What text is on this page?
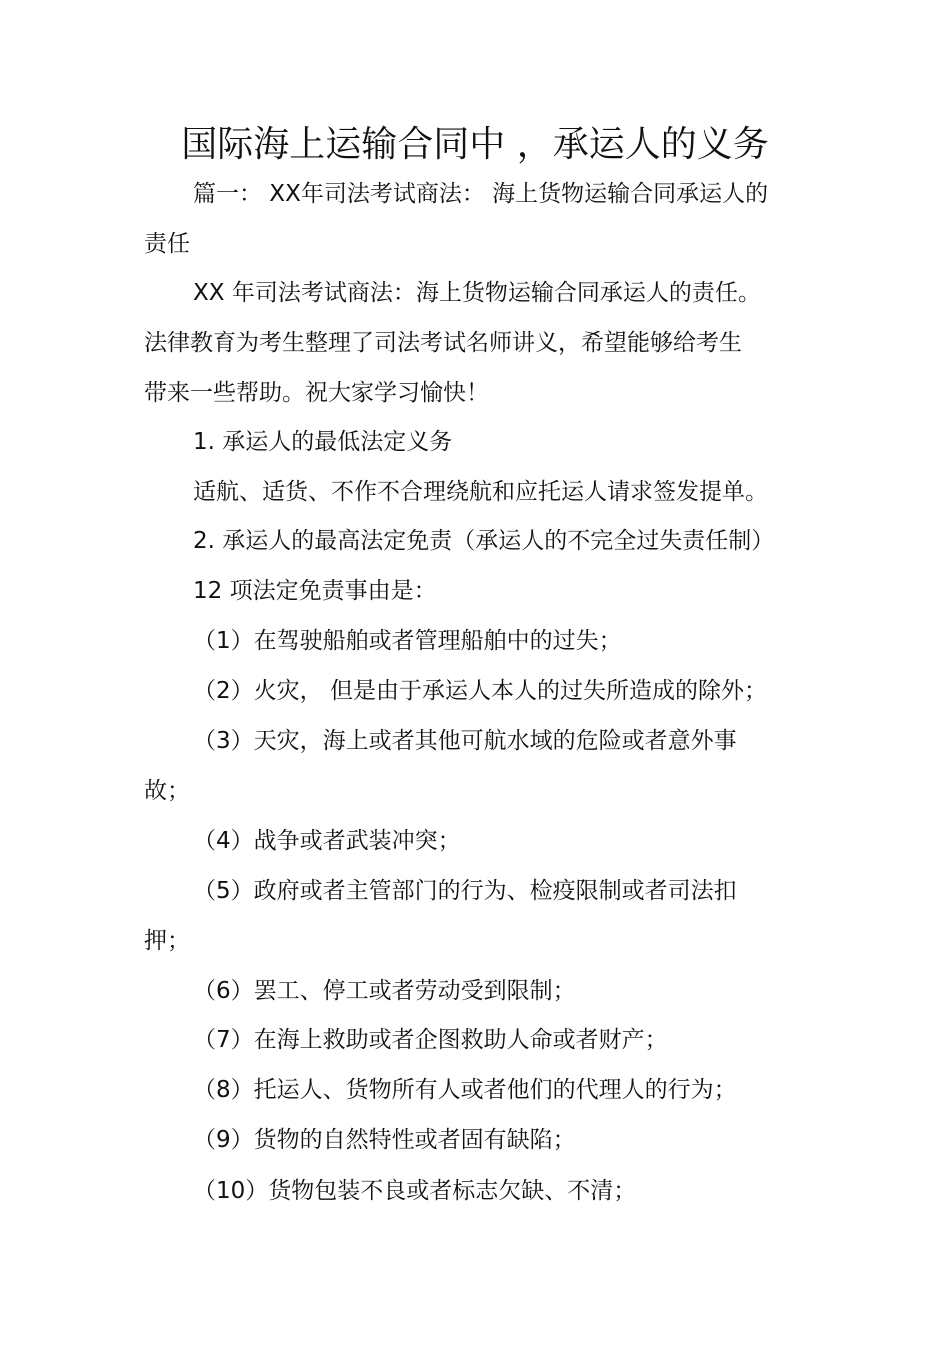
国际海上运输合同中 ，承运人的义务
篇一： XX年司法考试商法： 海上货物运输合同承运人的
责任
XX 年司法考试商法：海上货物运输合同承运人的责任。
法律教育为考生整理了司法考试名师讲义，希望能够给考生
带来一些帮助。祝大家学习愉快！
1. 承运人的最低法定义务
适航、适货、不作不合理绕航和应托运人请求签发提单。
2. 承运人的最高法定免责（承运人的不完全过失责任制）
12 项法定免责事由是：
（1）在驾驶船舶或者管理船舶中的过失；
（2）火灾， 但是由于承运人本人的过失所造成的除外；
（3）天灾，海上或者其他可航水域的危险或者意外事
故；
（4）战争或者武装冲突；
（5）政府或者主管部门的行为、检疫限制或者司法扣
押；
（6）罢工、停工或者劳动受到限制；
（7）在海上救助或者企图救助人命或者财产；
（8）托运人、货物所有人或者他们的代理人的行为；
（9）货物的自然特性或者固有缺陷；
（10）货物包装不良或者标志欠缺、不清；
